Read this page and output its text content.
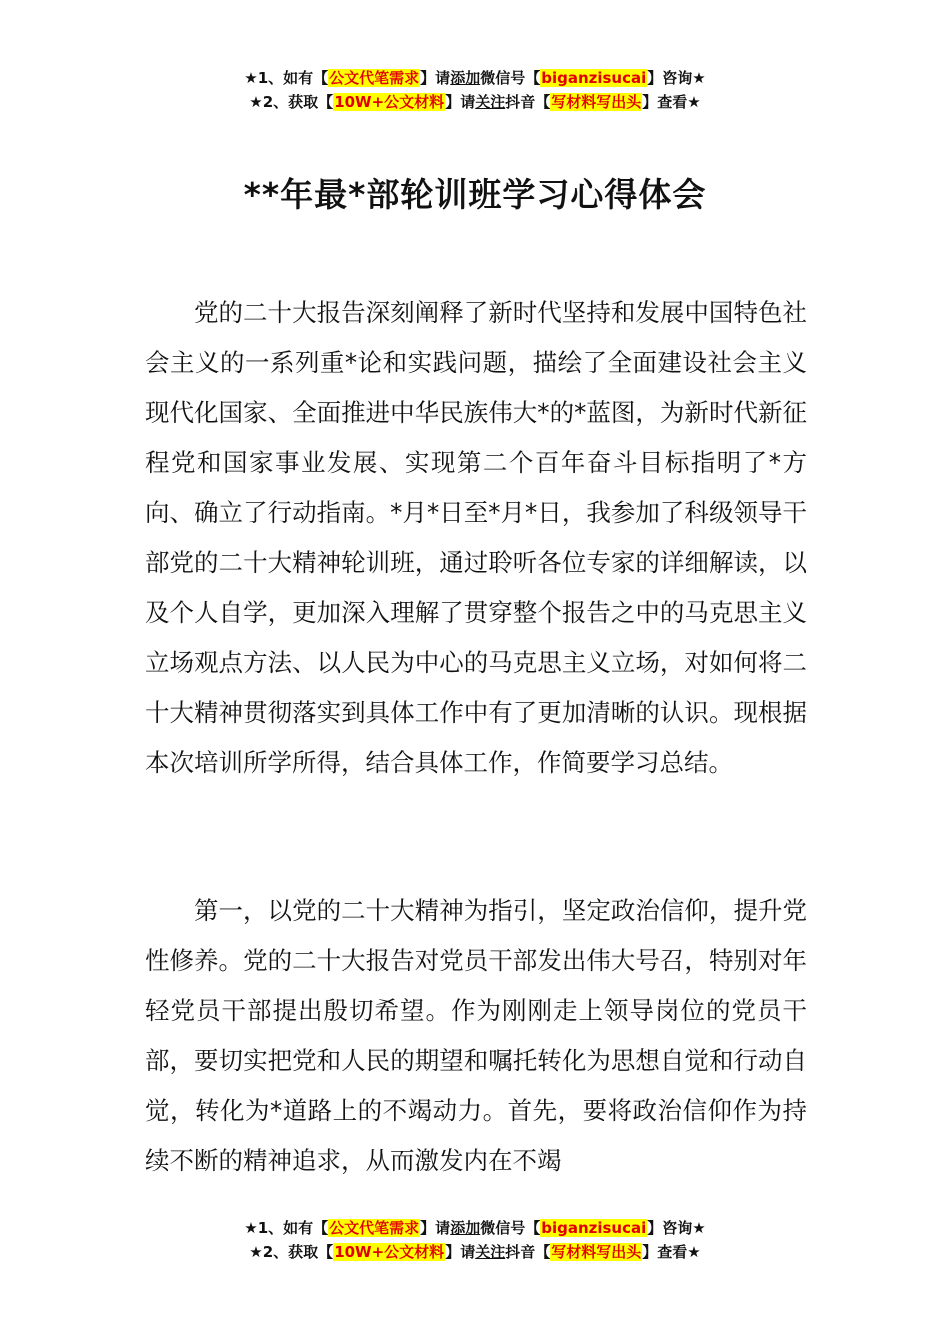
★1、如有【公文代笔需求】请添加微信号【biganzisucai】咨询★
★2、获取【10W+公文材料】请关注抖音【写材料写出头】查看★
**年最*部轮训班学习心得体会

党的二十大报告深刻阐释了新时代坚持和发展中国特色社会主义的一系列重*论和实践问题，描绘了全面建设社会主义现代化国家、全面推进中华民族伟大*的*蓝图，为新时代新征程党和国家事业发展、实现第二个百年奋斗目标指明了*方向、确立了行动指南。*月*日至*月*日，我参加了科级领导干部党的二十大精神轮训班，通过聆听各位专家的详细解读，以及个人自学，更加深入理解了贯穿整个报告之中的马克思主义立场观点方法、以人民为中心的马克思主义立场，对如何将二十大精神贯彻落实到具体工作中有了更加清晰的认识。现根据本次培训所学所得，结合具体工作，作简要学习总结。

第一，以党的二十大精神为指引，坚定政治信仰，提升党性修养。党的二十大报告对党员干部发出伟大号召，特别对年轻党员干部提出殷切希望。作为刚刚走上领导岗位的党员干部，要切实把党和人民的期望和嘱托转化为思想自觉和行动自觉，转化为*道路上的不竭动力。首先，要将政治信仰作为持续不断的精神追求，从而激发内在不竭

★1、如有【公文代笔需求】请添加微信号【biganzisucai】咨询★
★2、获取【10W+公文材料】请关注抖音【写材料写出头】查看★
